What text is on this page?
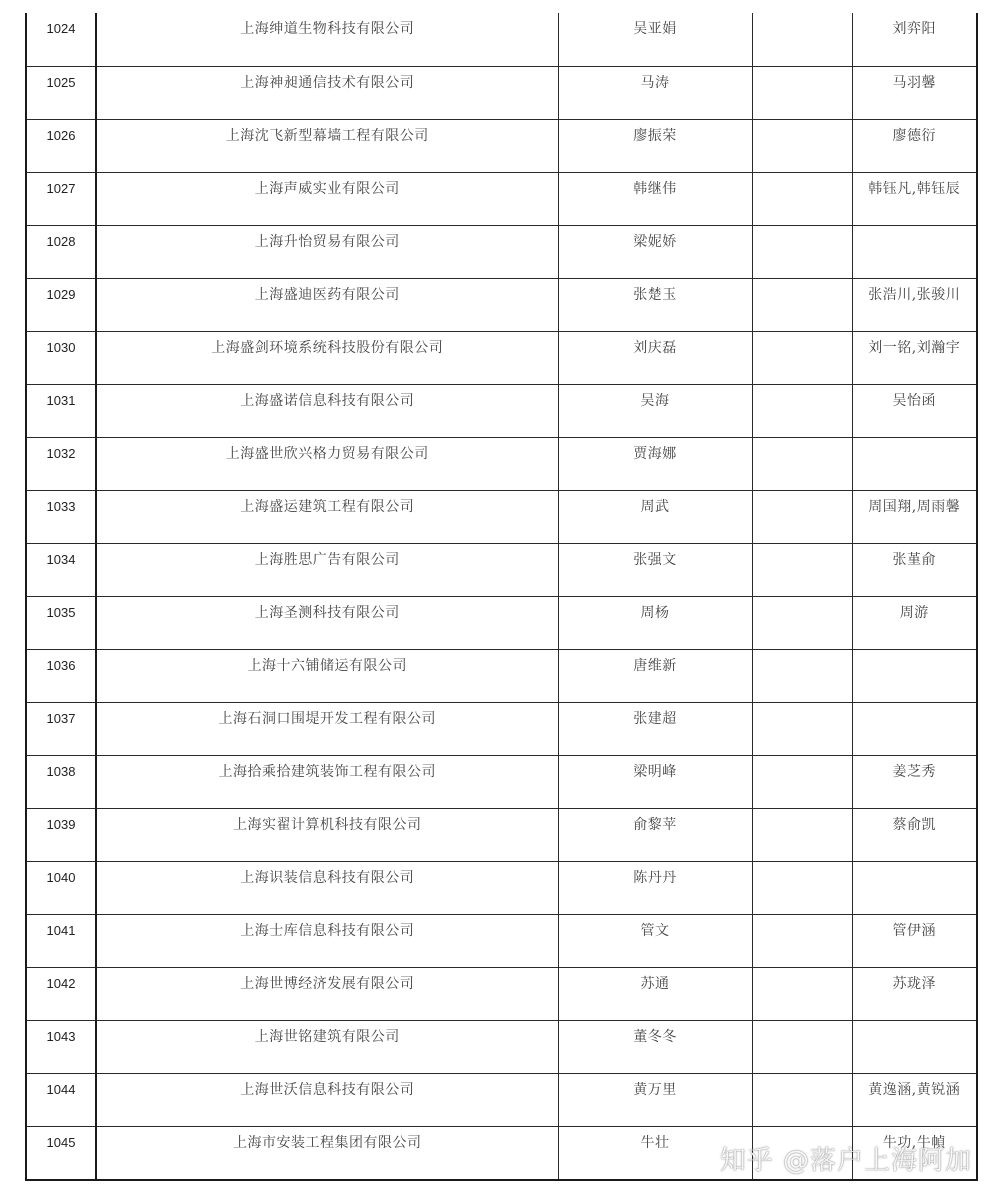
1024	上海绅道生物科技有限公司	吴亚娟		刘弈阳
1025	上海神昶通信技术有限公司	马涛		马羽馨
1026	上海沈飞新型幕墙工程有限公司	廖振荣		廖德衍
1027	上海声威实业有限公司	韩继伟		韩钰凡,韩钰辰
1028	上海升怡贸易有限公司	梁妮娇		
1029	上海盛迪医药有限公司	张楚玉		张浩川,张骏川
1030	上海盛剑环境系统科技股份有限公司	刘庆磊		刘一铭,刘瀚宇
1031	上海盛诺信息科技有限公司	吴海		吴怡函
1032	上海盛世欣兴格力贸易有限公司	贾海娜		
1033	上海盛运建筑工程有限公司	周武		周国翔,周雨馨
1034	上海胜思广告有限公司	张强文		张堇俞
1035	上海圣测科技有限公司	周杨		周游
1036	上海十六铺储运有限公司	唐维新		
1037	上海石洞口围堤开发工程有限公司	张建超		
1038	上海拾乘拾建筑装饰工程有限公司	梁明峰		姜芝秀
1039	上海实翟计算机科技有限公司	俞黎苹		蔡俞凯
1040	上海识装信息科技有限公司	陈丹丹		
1041	上海士库信息科技有限公司	管文		管伊涵
1042	上海世博经济发展有限公司	苏通		苏珑泽
1043	上海世铭建筑有限公司	董冬冬		
1044	上海世沃信息科技有限公司	黄万里		黄逸涵,黄锐涵
1045	上海市安装工程集团有限公司	牛壮		牛功,牛幀
知乎 @落户上海阿加
